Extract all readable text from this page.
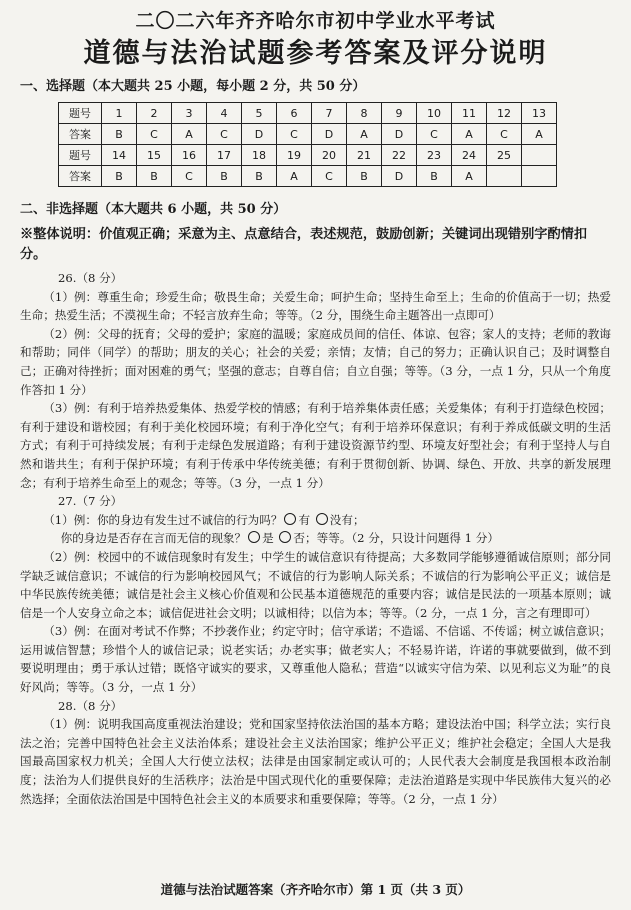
二〇二六年齐齐哈尔市初中学业水平考试
道德与法治试题参考答案及评分说明
一、选择题（本大题共 25 小题，每小题 2 分，共 50 分）
题号	1	2	3	4	5	6	7	8	9	10	11	12	13
答案	B	C	A	C	D	C	D	A	D	C	A	C	A
题号	14	15	16	17	18	19	20	21	22	23	24	25	
答案	B	B	C	B	B	A	C	B	D	B	A		
二、非选择题（本大题共 6 小题，共 50 分）
※整体说明：价值观正确；采意为主、点意结合，表述规范，鼓励创新；关键词出现错别字酌情扣分。
26.（8 分）

（1）例：尊重生命；珍爱生命；敬畏生命；关爱生命；呵护生命；坚持生命至上；生命的价值高于一切；热爱生命；热爱生活；不漠视生命；不轻言放弃生命；等等。（2 分，围绕生命主题答出一点即可）

（2）例：父母的抚育；父母的爱护；家庭的温暖；家庭成员间的信任、体谅、包容；家人的支持；老师的教诲和帮助；同伴（同学）的帮助；朋友的关心；社会的关爱；亲情；友情；自己的努力；正确认识自己；及时调整自己；正确对待挫折；面对困难的勇气；坚强的意志；自尊自信；自立自强；等等。（3 分，一点 1 分，只从一个角度作答扣 1 分）

（3）例：有利于培养热爱集体、热爱学校的情感；有利于培养集体责任感；关爱集体；有利于打造绿色校园；有利于建设和谐校园；有利于美化校园环境；有利于净化空气；有利于培养环保意识；有利于养成低碳文明的生活方式；有利于可持续发展；有利于走绿色发展道路；有利于建设资源节约型、环境友好型社会；有利于坚持人与自然和谐共生；有利于保护环境；有利于传承中华传统美德；有利于贯彻创新、协调、绿色、开放、共享的新发展理念；有利于培养生命至上的观念；等等。（3 分，一点 1 分）

27.（7 分）

（1）例：你的身边有发生过不诚信的行为吗？ 有 没有；

你的身边是否存在言而无信的现象？ 是 否；等等。（2 分，只设计问题得 1 分）

（2）例：校园中的不诚信现象时有发生；中学生的诚信意识有待提高；大多数同学能够遵循诚信原则；部分同学缺乏诚信意识；不诚信的行为影响校园风气；不诚信的行为影响人际关系；不诚信的行为影响公平正义；诚信是中华民族传统美德；诚信是社会主义核心价值观和公民基本道德规范的重要内容；诚信是民法的一项基本原则；诚信是一个人安身立命之本；诚信促进社会文明；以诚相待；以信为本；等等。（2 分，一点 1 分，言之有理即可）

（3）例：在面对考试不作弊；不抄袭作业；约定守时；信守承诺；不造谣、不信谣、不传谣；树立诚信意识；运用诚信智慧；珍惜个人的诚信记录；说老实话；办老实事；做老实人；不轻易许诺，许诺的事就要做到，做不到要说明理由；勇于承认过错；既恪守诚实的要求，又尊重他人隐私；营造“以诚实守信为荣、以见利忘义为耻”的良好风尚；等等。（3 分，一点 1 分）

28.（8 分）

（1）例：说明我国高度重视法治建设；党和国家坚持依法治国的基本方略；建设法治中国；科学立法；实行良法之治；完善中国特色社会主义法治体系；建设社会主义法治国家；维护公平正义；维护社会稳定；全国人大是我国最高国家权力机关；全国人大行使立法权；法律是由国家制定或认可的；人民代表大会制度是我国根本政治制度；法治为人们提供良好的生活秩序；法治是中国式现代化的重要保障；走法治道路是实现中华民族伟大复兴的必然选择；全面依法治国是中国特色社会主义的本质要求和重要保障；等等。（2 分，一点 1 分）

道德与法治试题答案（齐齐哈尔市）第 1 页（共 3 页）
